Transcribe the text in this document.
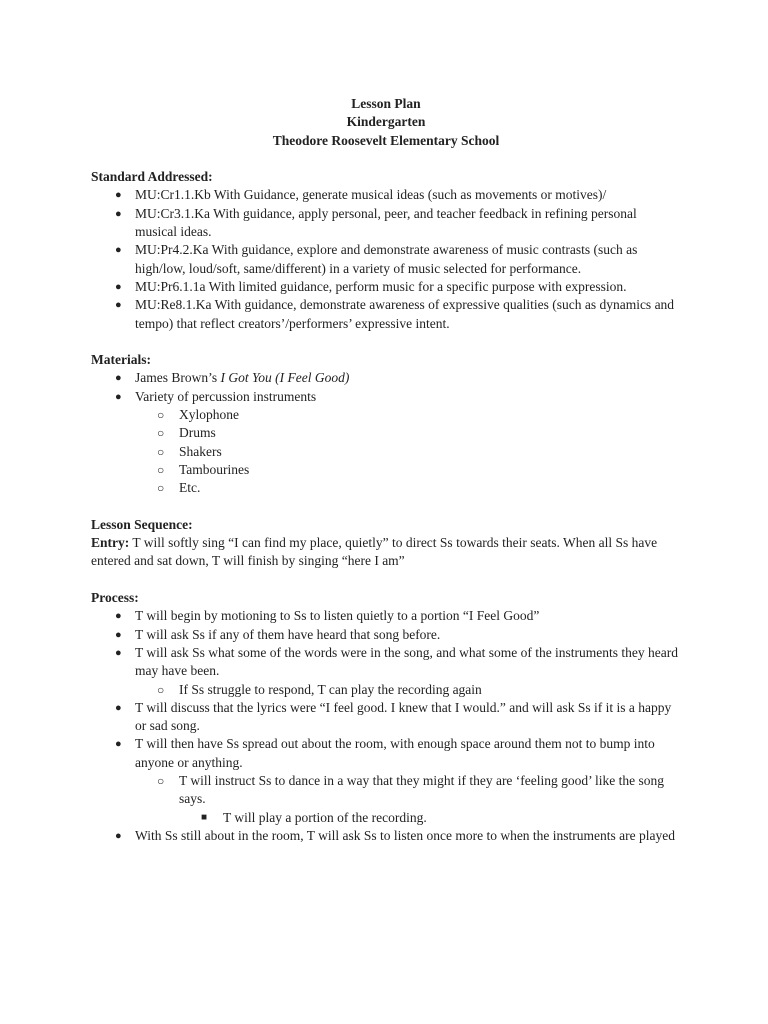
Lesson Plan
Kindergarten
Theodore Roosevelt Elementary School
Standard Addressed:
● MU:Cr1.1.Kb With Guidance, generate musical ideas (such as movements or motives)/
● MU:Cr3.1.Ka With guidance, apply personal, peer, and teacher feedback in refining personal musical ideas.
● MU:Pr4.2.Ka With guidance, explore and demonstrate awareness of music contrasts (such as high/low, loud/soft, same/different) in a variety of music selected for performance.
● MU:Pr6.1.1a With limited guidance, perform music for a specific purpose with expression.
● MU:Re8.1.Ka With guidance, demonstrate awareness of expressive qualities (such as dynamics and tempo) that reflect creators’/performers’ expressive intent.
Materials:
● James Brown’s I Got You (I Feel Good)
● Variety of percussion instruments
○ Xylophone
○ Drums
○ Shakers
○ Tambourines
○ Etc.
Lesson Sequence:
Entry: T will softly sing “I can find my place, quietly” to direct Ss towards their seats. When all Ss have entered and sat down, T will finish by singing “here I am”
Process:
● T will begin by motioning to Ss to listen quietly to a portion “I Feel Good”
● T will ask Ss if any of them have heard that song before.
● T will ask Ss what some of the words were in the song, and what some of the instruments they heard may have been.
○ If Ss struggle to respond, T can play the recording again
● T will discuss that the lyrics were “I feel good. I knew that I would.” and will ask Ss if it is a happy or sad song.
● T will then have Ss spread out about the room, with enough space around them not to bump into anyone or anything.
○ T will instruct Ss to dance in a way that they might if they are ‘feeling good’ like the song says.
■ T will play a portion of the recording.
● With Ss still about in the room, T will ask Ss to listen once more to when the instruments are played
